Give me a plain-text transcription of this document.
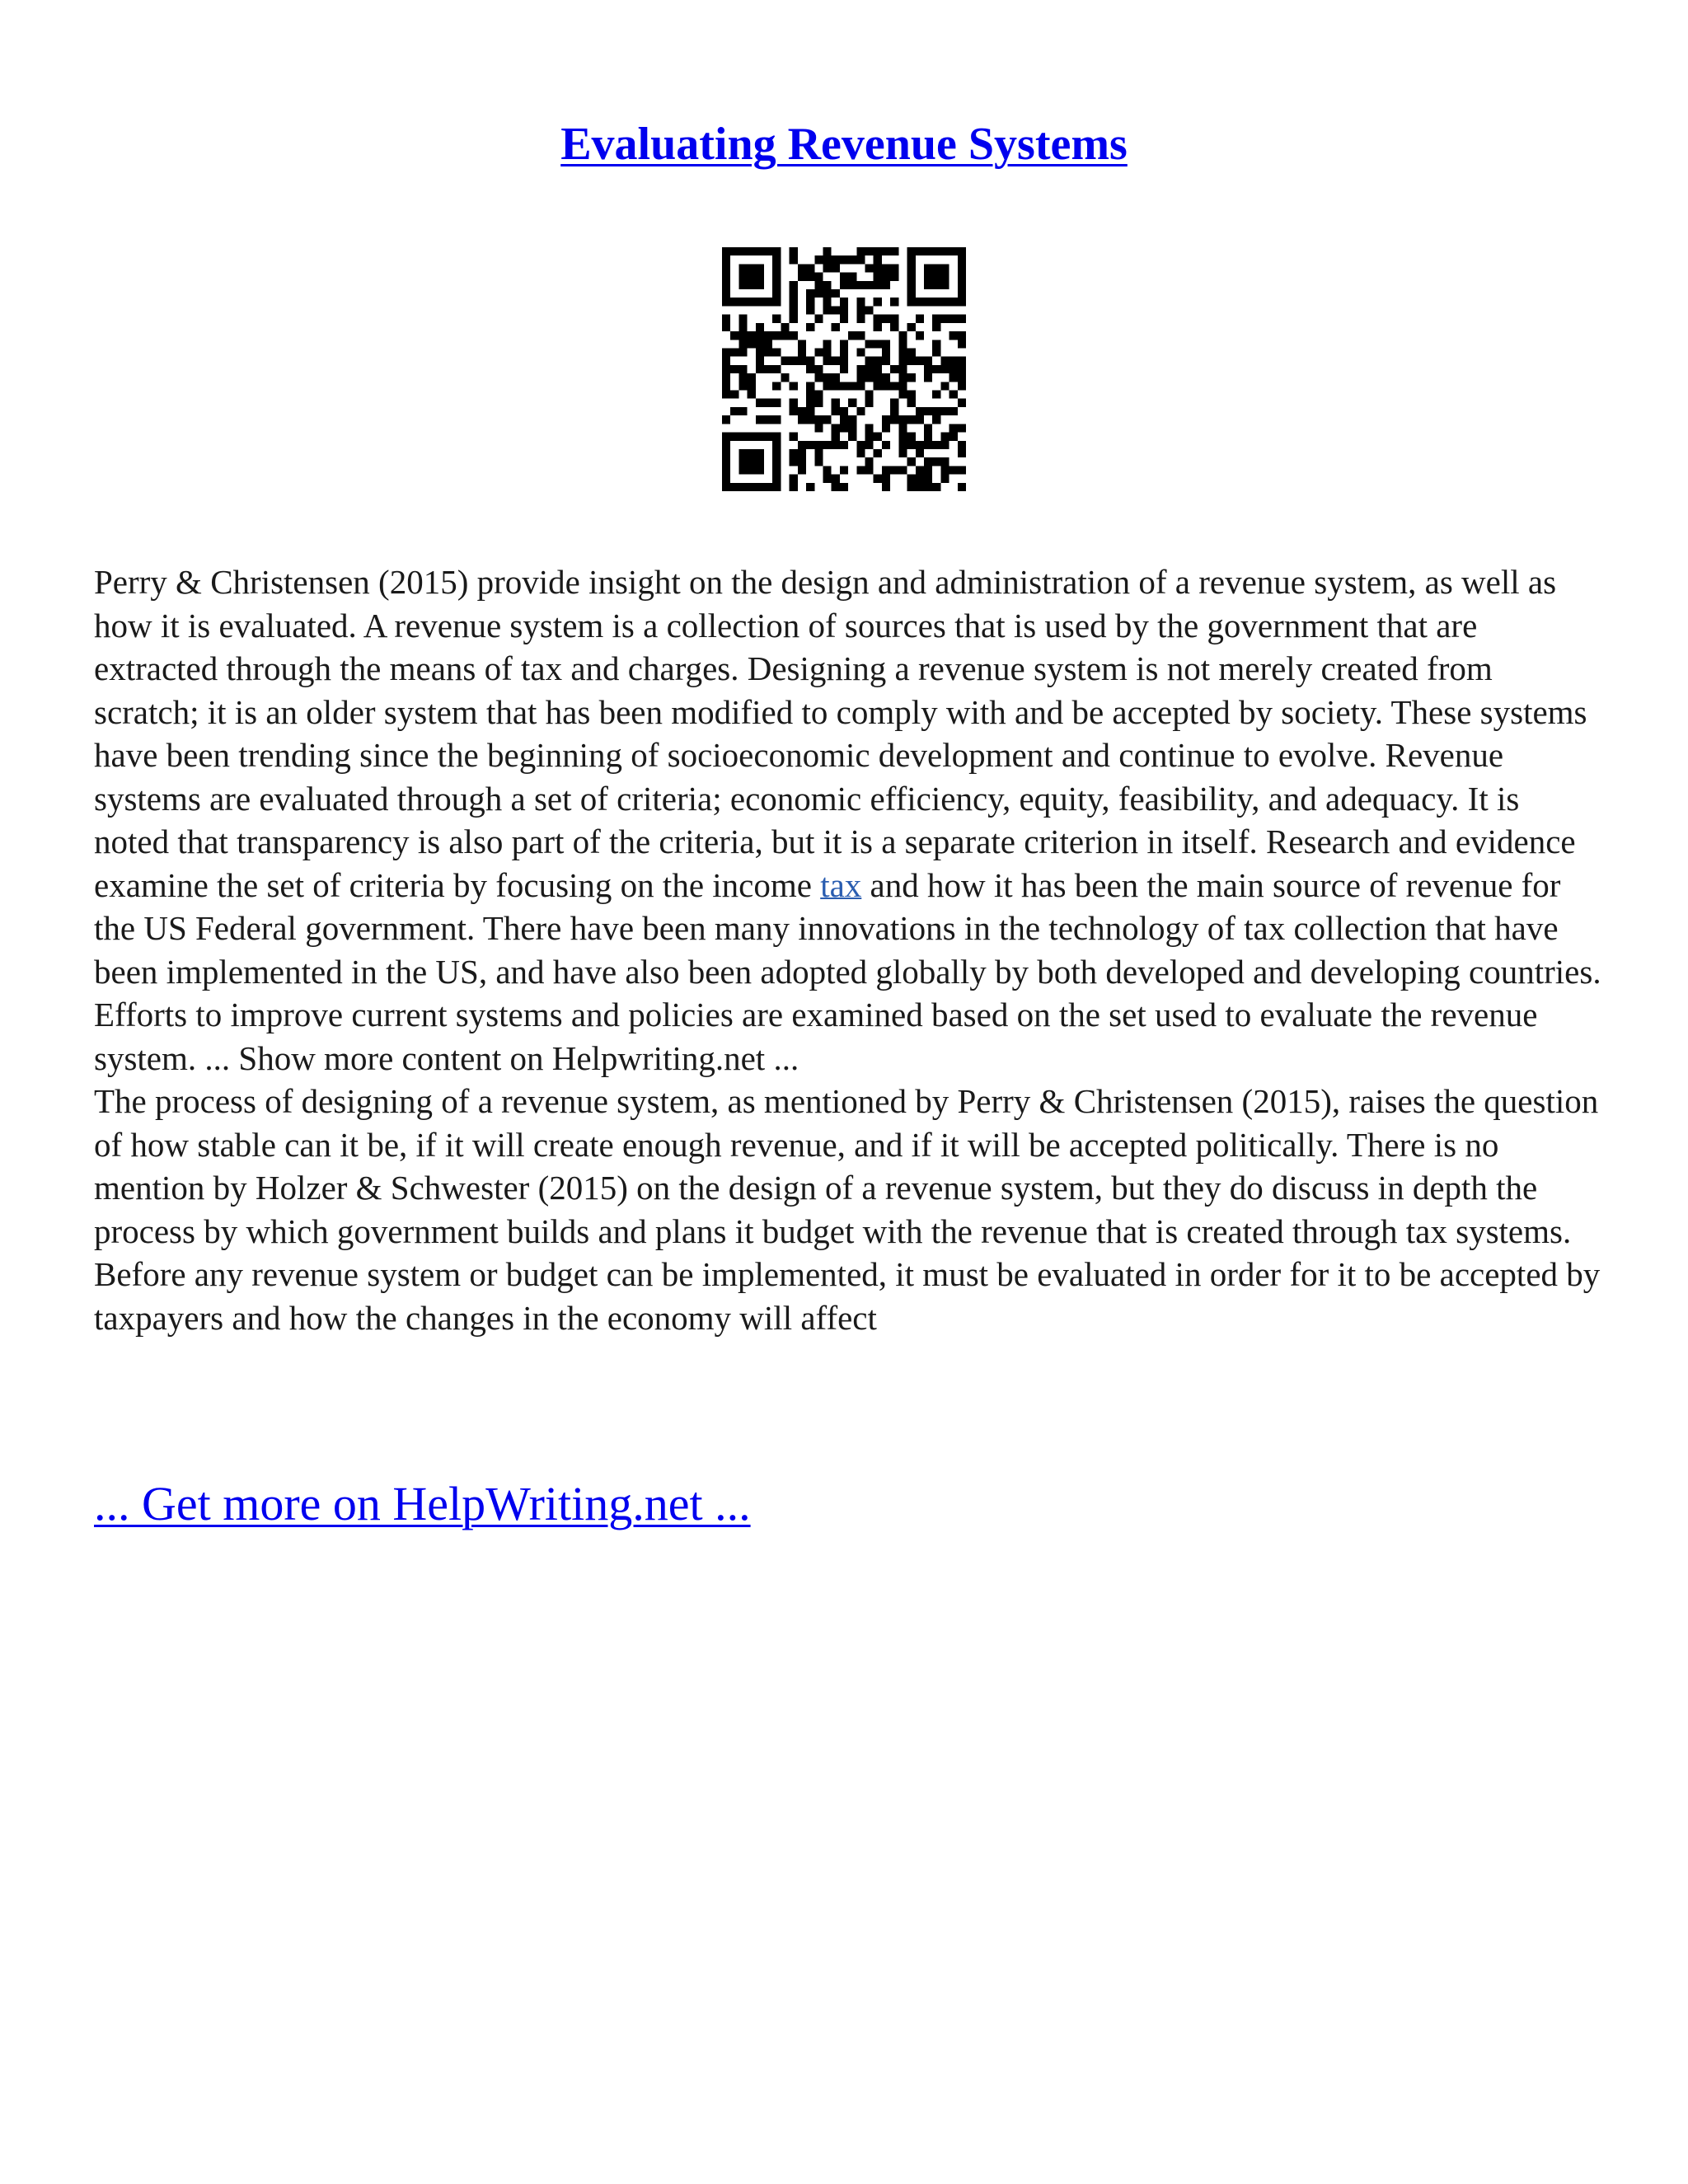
Evaluating Revenue Systems

Perry & Christensen (2015) provide insight on the design and administration of a revenue system, as well as how it is evaluated. A revenue system is a collection of sources that is used by the government that are extracted through the means of tax and charges. Designing a revenue system is not merely created from scratch; it is an older system that has been modified to comply with and be accepted by society. These systems have been trending since the beginning of socioeconomic development and continue to evolve. Revenue systems are evaluated through a set of criteria; economic efficiency, equity, feasibility, and adequacy. It is noted that transparency is also part of the criteria, but it is a separate criterion in itself. Research and evidence examine the set of criteria by focusing on the income tax and how it has been the main source of revenue for the US Federal government. There have been many innovations in the technology of tax collection that have been implemented in the US, and have also been adopted globally by both developed and developing countries. Efforts to improve current systems and policies are examined based on the set used to evaluate the revenue system. ... Show more content on Helpwriting.net ...

The process of designing of a revenue system, as mentioned by Perry & Christensen (2015), raises the question of how stable can it be, if it will create enough revenue, and if it will be accepted politically. There is no mention by Holzer & Schwester (2015) on the design of a revenue system, but they do discuss in depth the process by which government builds and plans it budget with the revenue that is created through tax systems. Before any revenue system or budget can be implemented, it must be evaluated in order for it to be accepted by taxpayers and how the changes in the economy will affect

... Get more on HelpWriting.net ...
